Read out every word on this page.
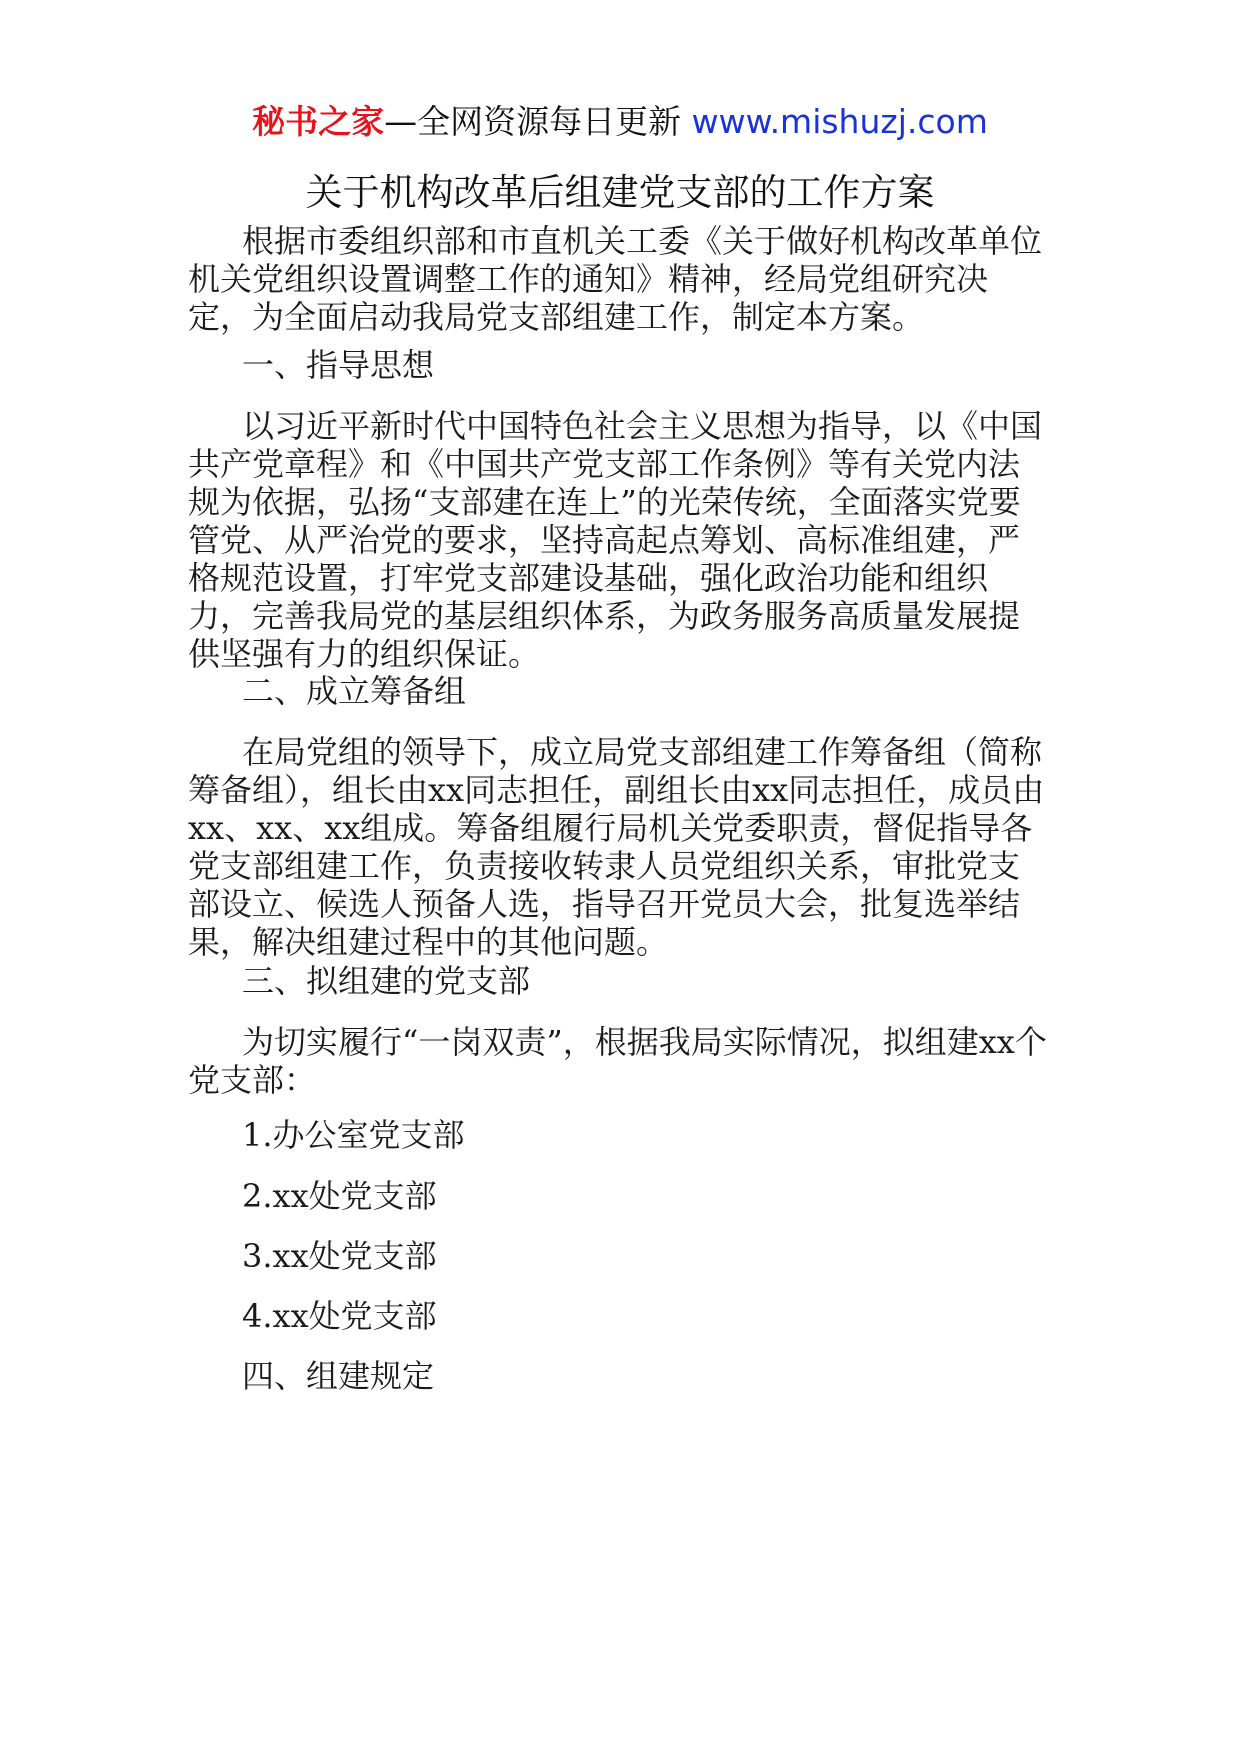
秘书之家—全网资源每日更新 www.mishuzj.com
关于机构改革后组建党支部的工作方案

根据市委组织部和市直机关工委《关于做好机构改革单位机关党组织设置调整工作的通知》精神，经局党组研究决定，为全面启动我局党支部组建工作，制定本方案。

一、指导思想

以习近平新时代中国特色社会主义思想为指导，以《中国共产党章程》和《中国共产党支部工作条例》等有关党内法规为依据，弘扬“支部建在连上”的光荣传统，全面落实党要管党、从严治党的要求，坚持高起点筹划、高标准组建，严格规范设置，打牢党支部建设基础，强化政治功能和组织力，完善我局党的基层组织体系，为政务服务高质量发展提供坚强有力的组织保证。

二、成立筹备组

在局党组的领导下，成立局党支部组建工作筹备组（简称筹备组），组长由xx同志担任，副组长由xx同志担任，成员由xx、xx、xx组成。筹备组履行局机关党委职责，督促指导各党支部组建工作，负责接收转隶人员党组织关系，审批党支部设立、候选人预备人选，指导召开党员大会，批复选举结果，解决组建过程中的其他问题。

三、拟组建的党支部

为切实履行“一岗双责”，根据我局实际情况，拟组建xx个党支部：

1.办公室党支部

2.xx处党支部

3.xx处党支部

4.xx处党支部

四、组建规定
